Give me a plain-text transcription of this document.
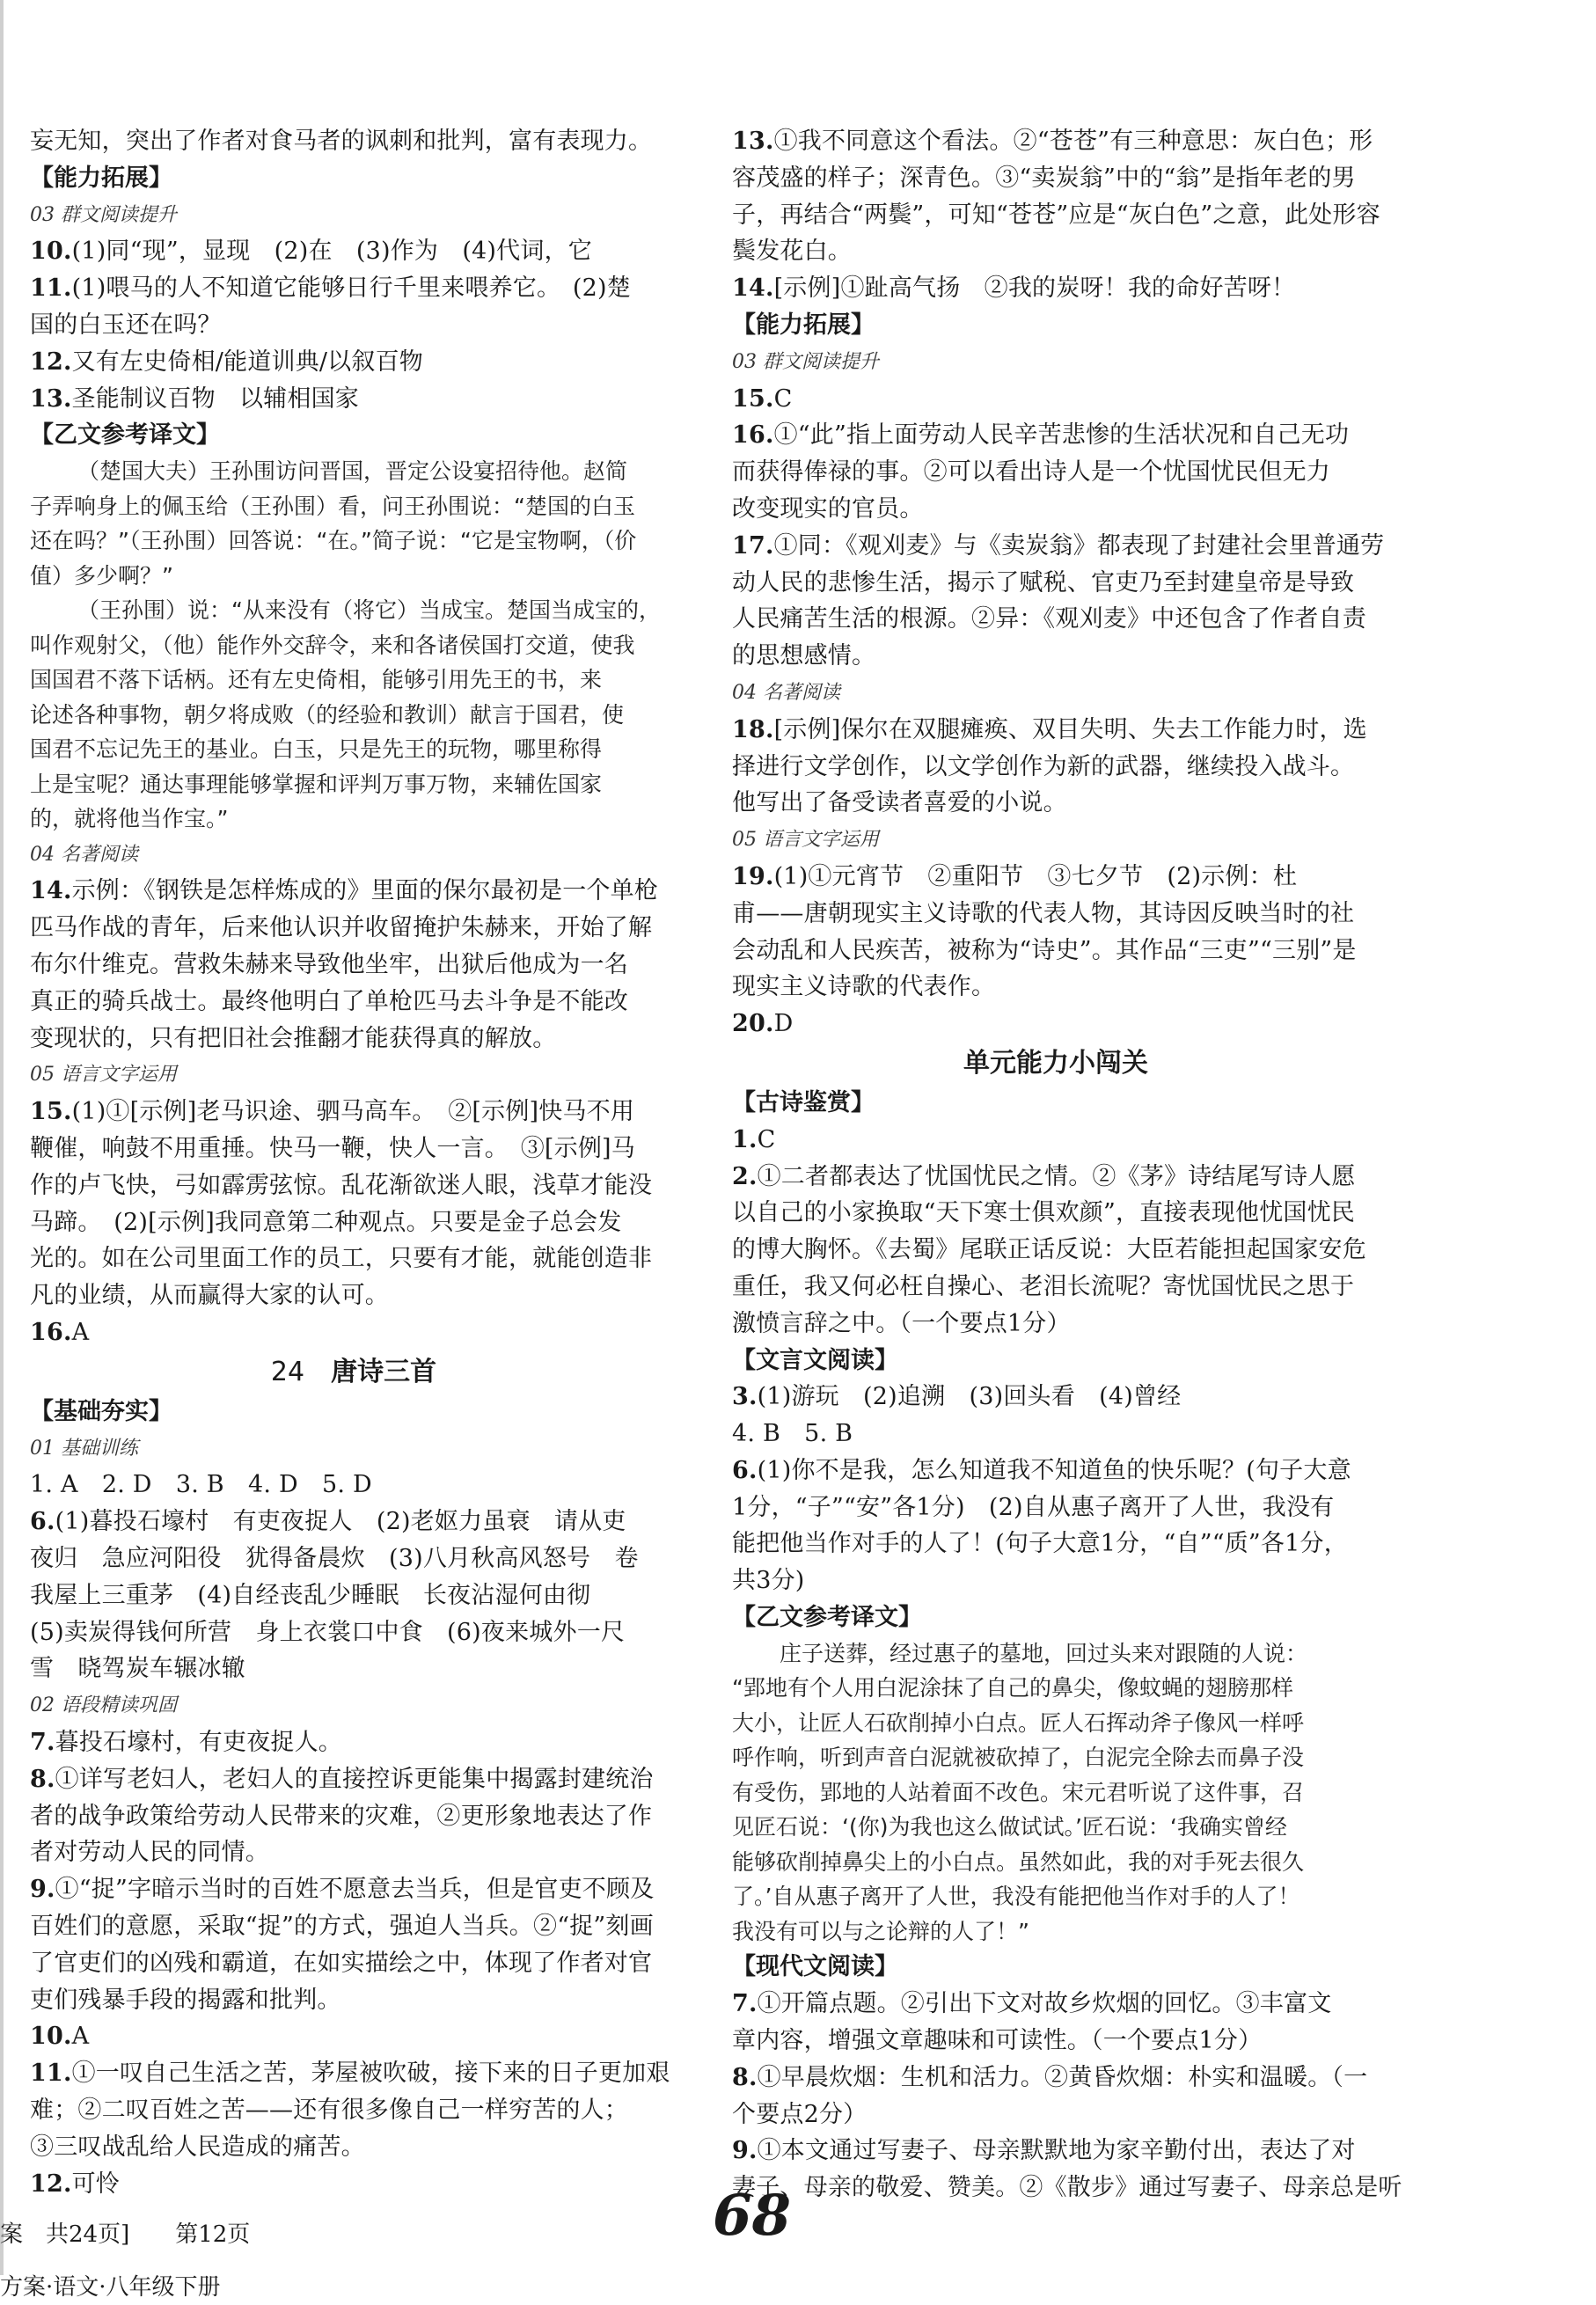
妄无知，突出了作者对食马者的讽刺和批判，富有表现力。
【能力拓展】
03 群文阅读提升
10.(1)同“现”，显现　(2)在　(3)作为　(4)代词，它
11.(1)喂马的人不知道它能够日行千里来喂养它。　(2)楚
国的白玉还在吗？
12.又有左史倚相/能道训典/以叙百物
13.圣能制议百物　以辅相国家
【乙文参考译文】
（楚国大夫）王孙围访问晋国，晋定公设宴招待他。赵简
子弄响身上的佩玉给（王孙围）看，问王孙围说：“楚国的白玉
还在吗？”（王孙围）回答说：“在。”简子说：“它是宝物啊，（价
值）多少啊？”
（王孙围）说：“从来没有（将它）当成宝。楚国当成宝的，
叫作观射父，（他）能作外交辞令，来和各诸侯国打交道，使我
国国君不落下话柄。还有左史倚相，能够引用先王的书，来
论述各种事物，朝夕将成败（的经验和教训）献言于国君，使
国君不忘记先王的基业。白玉，只是先王的玩物，哪里称得
上是宝呢？通达事理能够掌握和评判万事万物，来辅佐国家
的，就将他当作宝。”
04 名著阅读
14.示例：《钢铁是怎样炼成的》里面的保尔最初是一个单枪
匹马作战的青年，后来他认识并收留掩护朱赫来，开始了解
布尔什维克。营救朱赫来导致他坐牢，出狱后他成为一名
真正的骑兵战士。最终他明白了单枪匹马去斗争是不能改
变现状的，只有把旧社会推翻才能获得真的解放。
05 语言文字运用
15.(1)①[示例]老马识途、驷马高车。　②[示例]快马不用
鞭催，响鼓不用重捶。快马一鞭，快人一言。　③[示例]马
作的卢飞快，弓如霹雳弦惊。乱花渐欲迷人眼，浅草才能没
马蹄。　(2)[示例]我同意第二种观点。只要是金子总会发
光的。如在公司里面工作的员工，只要有才能，就能创造非
凡的业绩，从而赢得大家的认可。
16.A
24 唐诗三首
【基础夯实】
01 基础训练
1. A　2. D　3. B　4. D　5. D
6.(1)暮投石壕村　有吏夜捉人　(2)老妪力虽衰　请从吏
夜归　急应河阳役　犹得备晨炊　(3)八月秋高风怒号　卷
我屋上三重茅　(4)自经丧乱少睡眠　长夜沾湿何由彻
(5)卖炭得钱何所营　身上衣裳口中食　(6)夜来城外一尺
雪　晓驾炭车辗冰辙
02 语段精读巩固
7.暮投石壕村，有吏夜捉人。
8.①详写老妇人，老妇人的直接控诉更能集中揭露封建统治
者的战争政策给劳动人民带来的灾难，②更形象地表达了作
者对劳动人民的同情。
9.①“捉”字暗示当时的百姓不愿意去当兵，但是官吏不顾及
百姓们的意愿，采取“捉”的方式，强迫人当兵。②“捉”刻画
了官吏们的凶残和霸道，在如实描绘之中，体现了作者对官
吏们残暴手段的揭露和批判。
10.A
11.①一叹自己生活之苦，茅屋被吹破，接下来的日子更加艰
难；②二叹百姓之苦——还有很多像自己一样穷苦的人；
③三叹战乱给人民造成的痛苦。
12.可怜
13.①我不同意这个看法。②“苍苍”有三种意思：灰白色；形
容茂盛的样子；深青色。③“卖炭翁”中的“翁”是指年老的男
子，再结合“两鬓”，可知“苍苍”应是“灰白色”之意，此处形容
鬓发花白。
14.[示例]①趾高气扬　②我的炭呀！我的命好苦呀！
【能力拓展】
03 群文阅读提升
15.C
16.①“此”指上面劳动人民辛苦悲惨的生活状况和自己无功
而获得俸禄的事。②可以看出诗人是一个忧国忧民但无力
改变现实的官员。
17.①同：《观刈麦》与《卖炭翁》都表现了封建社会里普通劳
动人民的悲惨生活，揭示了赋税、官吏乃至封建皇帝是导致
人民痛苦生活的根源。②异：《观刈麦》中还包含了作者自责
的思想感情。
04 名著阅读
18.[示例]保尔在双腿瘫痪、双目失明、失去工作能力时，选
择进行文学创作，以文学创作为新的武器，继续投入战斗。
他写出了备受读者喜爱的小说。
05 语言文字运用
19.(1)①元宵节　②重阳节　③七夕节　(2)示例：杜
甫——唐朝现实主义诗歌的代表人物，其诗因反映当时的社
会动乱和人民疾苦，被称为“诗史”。其作品“三吏”“三别”是
现实主义诗歌的代表作。
20.D
单元能力小闯关
【古诗鉴赏】
1.C
2.①二者都表达了忧国忧民之情。②《茅》诗结尾写诗人愿
以自己的小家换取“天下寒士俱欢颜”，直接表现他忧国忧民
的博大胸怀。《去蜀》尾联正话反说：大臣若能担起国家安危
重任，我又何必枉自操心、老泪长流呢？寄忧国忧民之思于
激愤言辞之中。（一个要点1分）
【文言文阅读】
3.(1)游玩　(2)追溯　(3)回头看　(4)曾经
4. B　5. B
6.(1)你不是我，怎么知道我不知道鱼的快乐呢？(句子大意
1分，“子”“安”各1分)　(2)自从惠子离开了人世，我没有
能把他当作对手的人了！(句子大意1分，“自”“质”各1分，
共3分)
【乙文参考译文】
庄子送葬，经过惠子的墓地，回过头来对跟随的人说：
“郢地有个人用白泥涂抹了自己的鼻尖，像蚊蝇的翅膀那样
大小，让匠人石砍削掉小白点。匠人石挥动斧子像风一样呼
呼作响，听到声音白泥就被砍掉了，白泥完全除去而鼻子没
有受伤，郢地的人站着面不改色。宋元君听说了这件事，召
见匠石说：‘(你)为我也这么做试试。’匠石说：‘我确实曾经
能够砍削掉鼻尖上的小白点。虽然如此，我的对手死去很久
了。’自从惠子离开了人世，我没有能把他当作对手的人了！
我没有可以与之论辩的人了！”
【现代文阅读】
7.①开篇点题。②引出下文对故乡炊烟的回忆。③丰富文
章内容，增强文章趣味和可读性。（一个要点1分）
8.①早晨炊烟：生机和活力。②黄昏炊烟：朴实和温暖。（一
个要点2分）
9.①本文通过写妻子、母亲默默地为家辛勤付出，表达了对
妻子、母亲的敬爱、赞美。②《散步》通过写妻子、母亲总是听
案　共24页]　　第12页
方案·语文·八年级下册
68
